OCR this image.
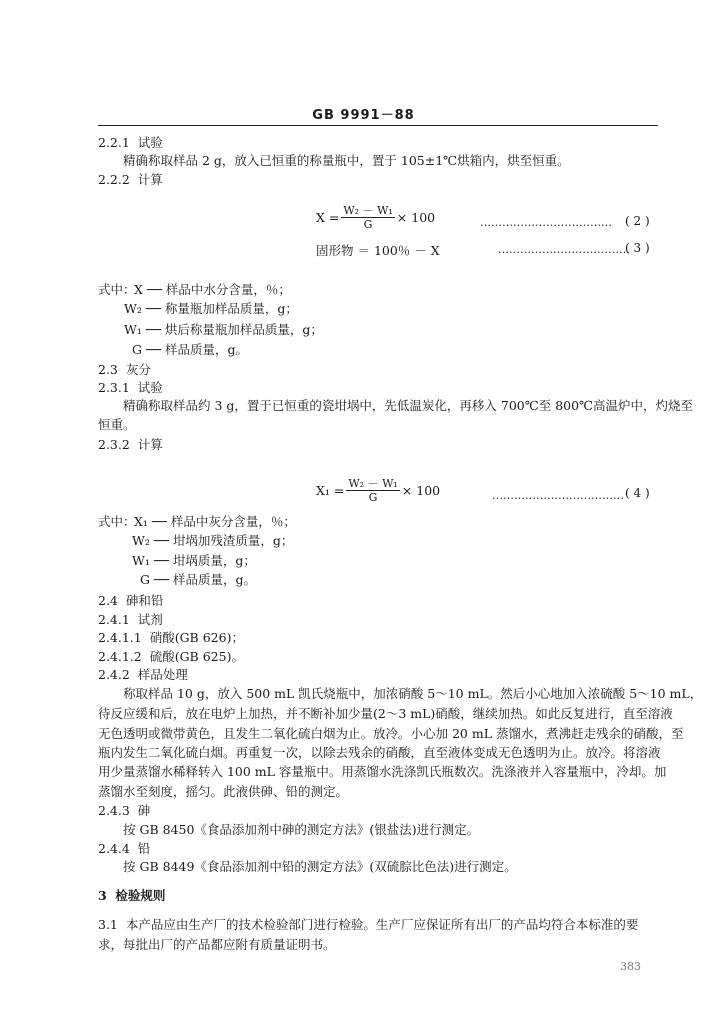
GB 9991－88
2.2.1 试验
精确称取样品 2 g，放入已恒重的称量瓶中，置于 105±1℃烘箱内，烘至恒重。
2.2.2 计算
$X = \frac{\text{W₂ － W₁}}{G} \times 100$	……………………………… ( 2 )
固形物 ＝ 100％ － X	………………………………
( 3 )
式中：
X ── 样品中水分含量，％；
W₂ ── 称量瓶加样品质量，g；
W₁ ── 烘后称量瓶加样品质量，g；
G ── 样品质量，g。
2.3 灰分
2.3.1 试验
精确称取样品约 3 g，置于已恒重的瓷坩埚中，先低温炭化，再移入 700℃至 800℃高温炉中，灼烧至
恒重。
2.3.2 计算
$X_1 = \frac{\text{W₂ － W₁}}{G} \times 100$	……………………………… ( 4 )
式中：
X₁ ── 样品中灰分含量，％；
W₂ ── 坩埚加残渣质量，g；
W₁ ── 坩埚质量，g；
G ── 样品质量，g。
2.4 砷和铅
2.4.1 试剂
2.4.1.1 硝酸(GB 626)；
2.4.1.2 硫酸(GB 625)。
2.4.2 样品处理
称取样品 10 g，放入 500 mL 凯氏烧瓶中，加浓硝酸 5～10 mL。然后小心地加入浓硫酸 5～10 mL，
待反应缓和后，放在电炉上加热，并不断补加少量(2～3 mL)硝酸，继续加热。如此反复进行，直至溶液
无色透明或微带黄色，且发生二氧化硫白烟为止。放冷。小心加 20 mL 蒸馏水，煮沸赶走残余的硝酸，至
瓶内发生二氧化硫白烟。再重复一次，以除去残余的硝酸，直至液体变成无色透明为止。放冷。将溶液
用少量蒸馏水稀释转入 100 mL 容量瓶中。用蒸馏水洗涤凯氏瓶数次。洗涤液并入容量瓶中，冷却。加
蒸馏水至刻度，摇匀。此液供砷、铅的测定。
2.4.3 砷
按 GB 8450《食品添加剂中砷的测定方法》(银盐法)进行测定。
2.4.4 铅
按 GB 8449《食品添加剂中铅的测定方法》(双硫腙比色法)进行测定。
3 检验规则
3.1 本产品应由生产厂的技术检验部门进行检验。生产厂应保证所有出厂的产品均符合本标准的要
求，每批出厂的产品都应附有质量证明书。
383
